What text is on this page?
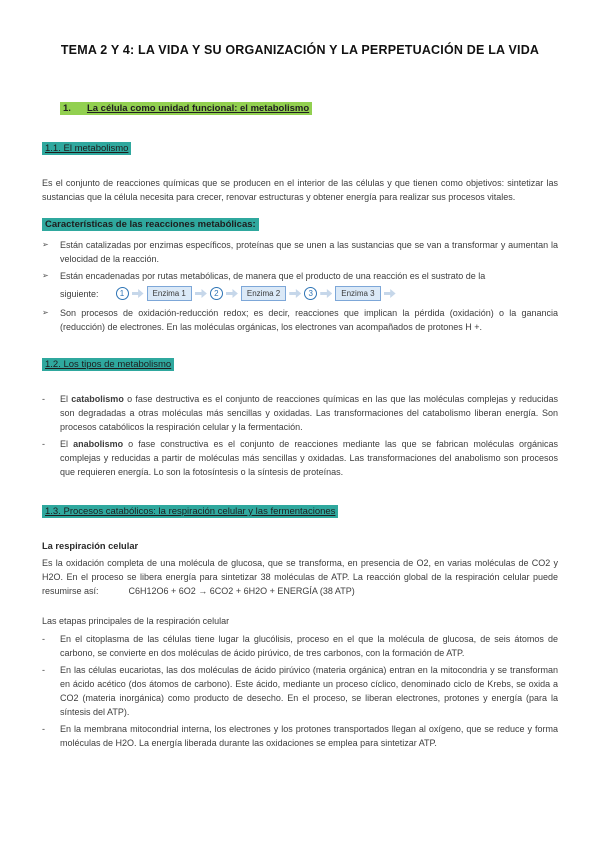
TEMA 2 Y 4: LA VIDA Y SU ORGANIZACIÓN Y LA PERPETUACIÓN DE LA VIDA
1. La célula como unidad funcional: el metabolismo
1.1. El metabolismo

Es el conjunto de reacciones químicas que se producen en el interior de las células y que tienen como objetivos: sintetizar las sustancias que la célula necesita para crecer, renovar estructuras y obtener energía para realizar sus procesos vitales.

Características de las reacciones metabólicas:
➢	Están catalizadas por enzimas específicos, proteínas que se unen a las sustancias que se van a transformar y aumentan la velocidad de la reacción.
➢	Están encadenadas por rutas metabólicas, de manera que el producto de una reacción es el sustrato de la
siguiente:	1	Enzima 1	2	Enzima 2	3	Enzima 3
➢	Son procesos de oxidación-reducción redox; es decir, reacciones que implican la pérdida (oxidación) o la ganancia (reducción) de electrones. En las moléculas orgánicas, los electrones van acompañados de protones H +.
1.2. Los tipos de metabolismo
-	El catabolismo o fase destructiva es el conjunto de reacciones químicas en las que las moléculas complejas y reducidas son degradadas a otras moléculas más sencillas y oxidadas. Las transformaciones del catabolismo liberan energía. Son procesos catabólicos la respiración celular y la fermentación.
-	El anabolismo o fase constructiva es el conjunto de reacciones mediante las que se fabrican moléculas orgánicas complejas y reducidas a partir de moléculas más sencillas y oxidadas. Las transformaciones del anabolismo son procesos que requieren energía. Lo son la fotosíntesis o la síntesis de proteínas.
1.3. Procesos catabólicos: la respiración celular y las fermentaciones
La respiración celular

Es la oxidación completa de una molécula de glucosa, que se transforma, en presencia de O2, en varias moléculas de CO2 y H2O. En el proceso se libera energía para sintetizar 38 moléculas de ATP. La reacción global de la respiración celular puede resumirse así:	C6H12O6 + 6O2 → 6CO2 + 6H2O + ENERGÍA (38 ATP)

Las etapas principales de la respiración celular
-	En el citoplasma de las células tiene lugar la glucólisis, proceso en el que la molécula de glucosa, de seis átomos de carbono, se convierte en dos moléculas de ácido pirúvico, de tres carbonos, con la formación de ATP.
-	En las células eucariotas, las dos moléculas de ácido pirúvico (materia orgánica) entran en la mitocondria y se transforman en ácido acético (dos átomos de carbono). Este ácido, mediante un proceso cíclico, denominado ciclo de Krebs, se oxida a CO2 (materia inorgánica) como producto de desecho. En el proceso, se liberan electrones, protones y energía (para la síntesis del ATP).
-	En la membrana mitocondrial interna, los electrones y los protones transportados llegan al oxígeno, que se reduce y forma moléculas de H2O. La energía liberada durante las oxidaciones se emplea para sintetizar ATP.
